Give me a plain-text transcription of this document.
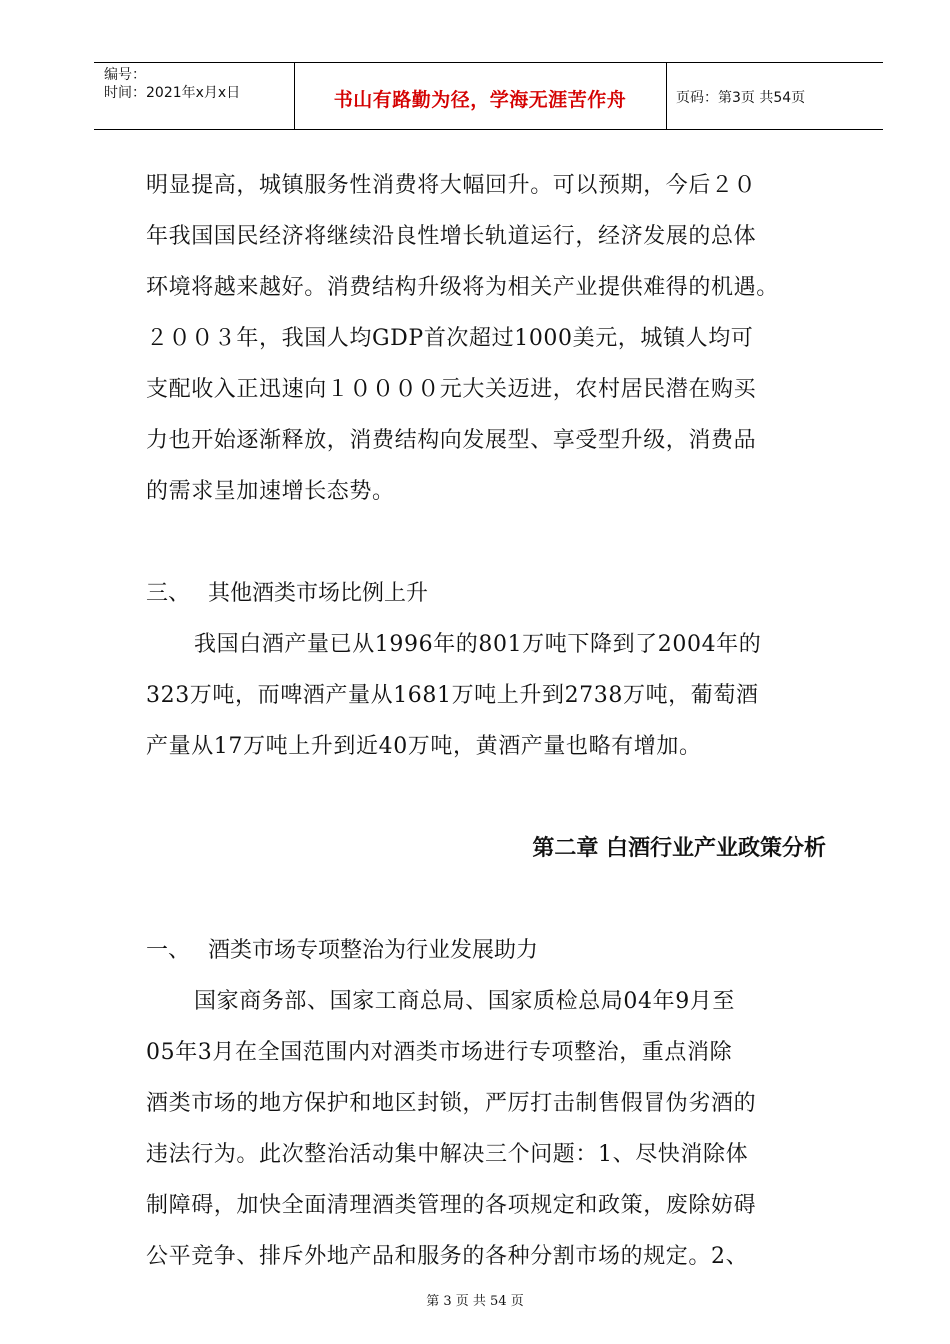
编号：
时间：2021年x月x日	书山有路勤为径，学海无涯苦作舟	页码：第3页 共54页
明显提高，城镇服务性消费将大幅回升。可以预期，今后２０
年我国国民经济将继续沿良性增长轨道运行，经济发展的总体
环境将越来越好。消费结构升级将为相关产业提供难得的机遇。
２００３年，我国人均GDP首次超过1000美元，城镇人均可
支配收入正迅速向１００００元大关迈进，农村居民潜在购买
力也开始逐渐释放，消费结构向发展型、享受型升级，消费品
的需求呈加速增长态势。
三、 其他酒类市场比例上升
我国白酒产量已从1996年的801万吨下降到了2004年的
323万吨，而啤酒产量从1681万吨上升到2738万吨，葡萄酒
产量从17万吨上升到近40万吨，黄酒产量也略有增加。
第二章 白酒行业产业政策分析
一、 酒类市场专项整治为行业发展助力
国家商务部、国家工商总局、国家质检总局04年9月至
05年3月在全国范围内对酒类市场进行专项整治，重点消除
酒类市场的地方保护和地区封锁，严厉打击制售假冒伪劣酒的
违法行为。此次整治活动集中解决三个问题：1、尽快消除体
制障碍，加快全面清理酒类管理的各项规定和政策，废除妨碍
公平竞争、排斥外地产品和服务的各种分割市场的规定。2、
第 3 页 共 54 页
